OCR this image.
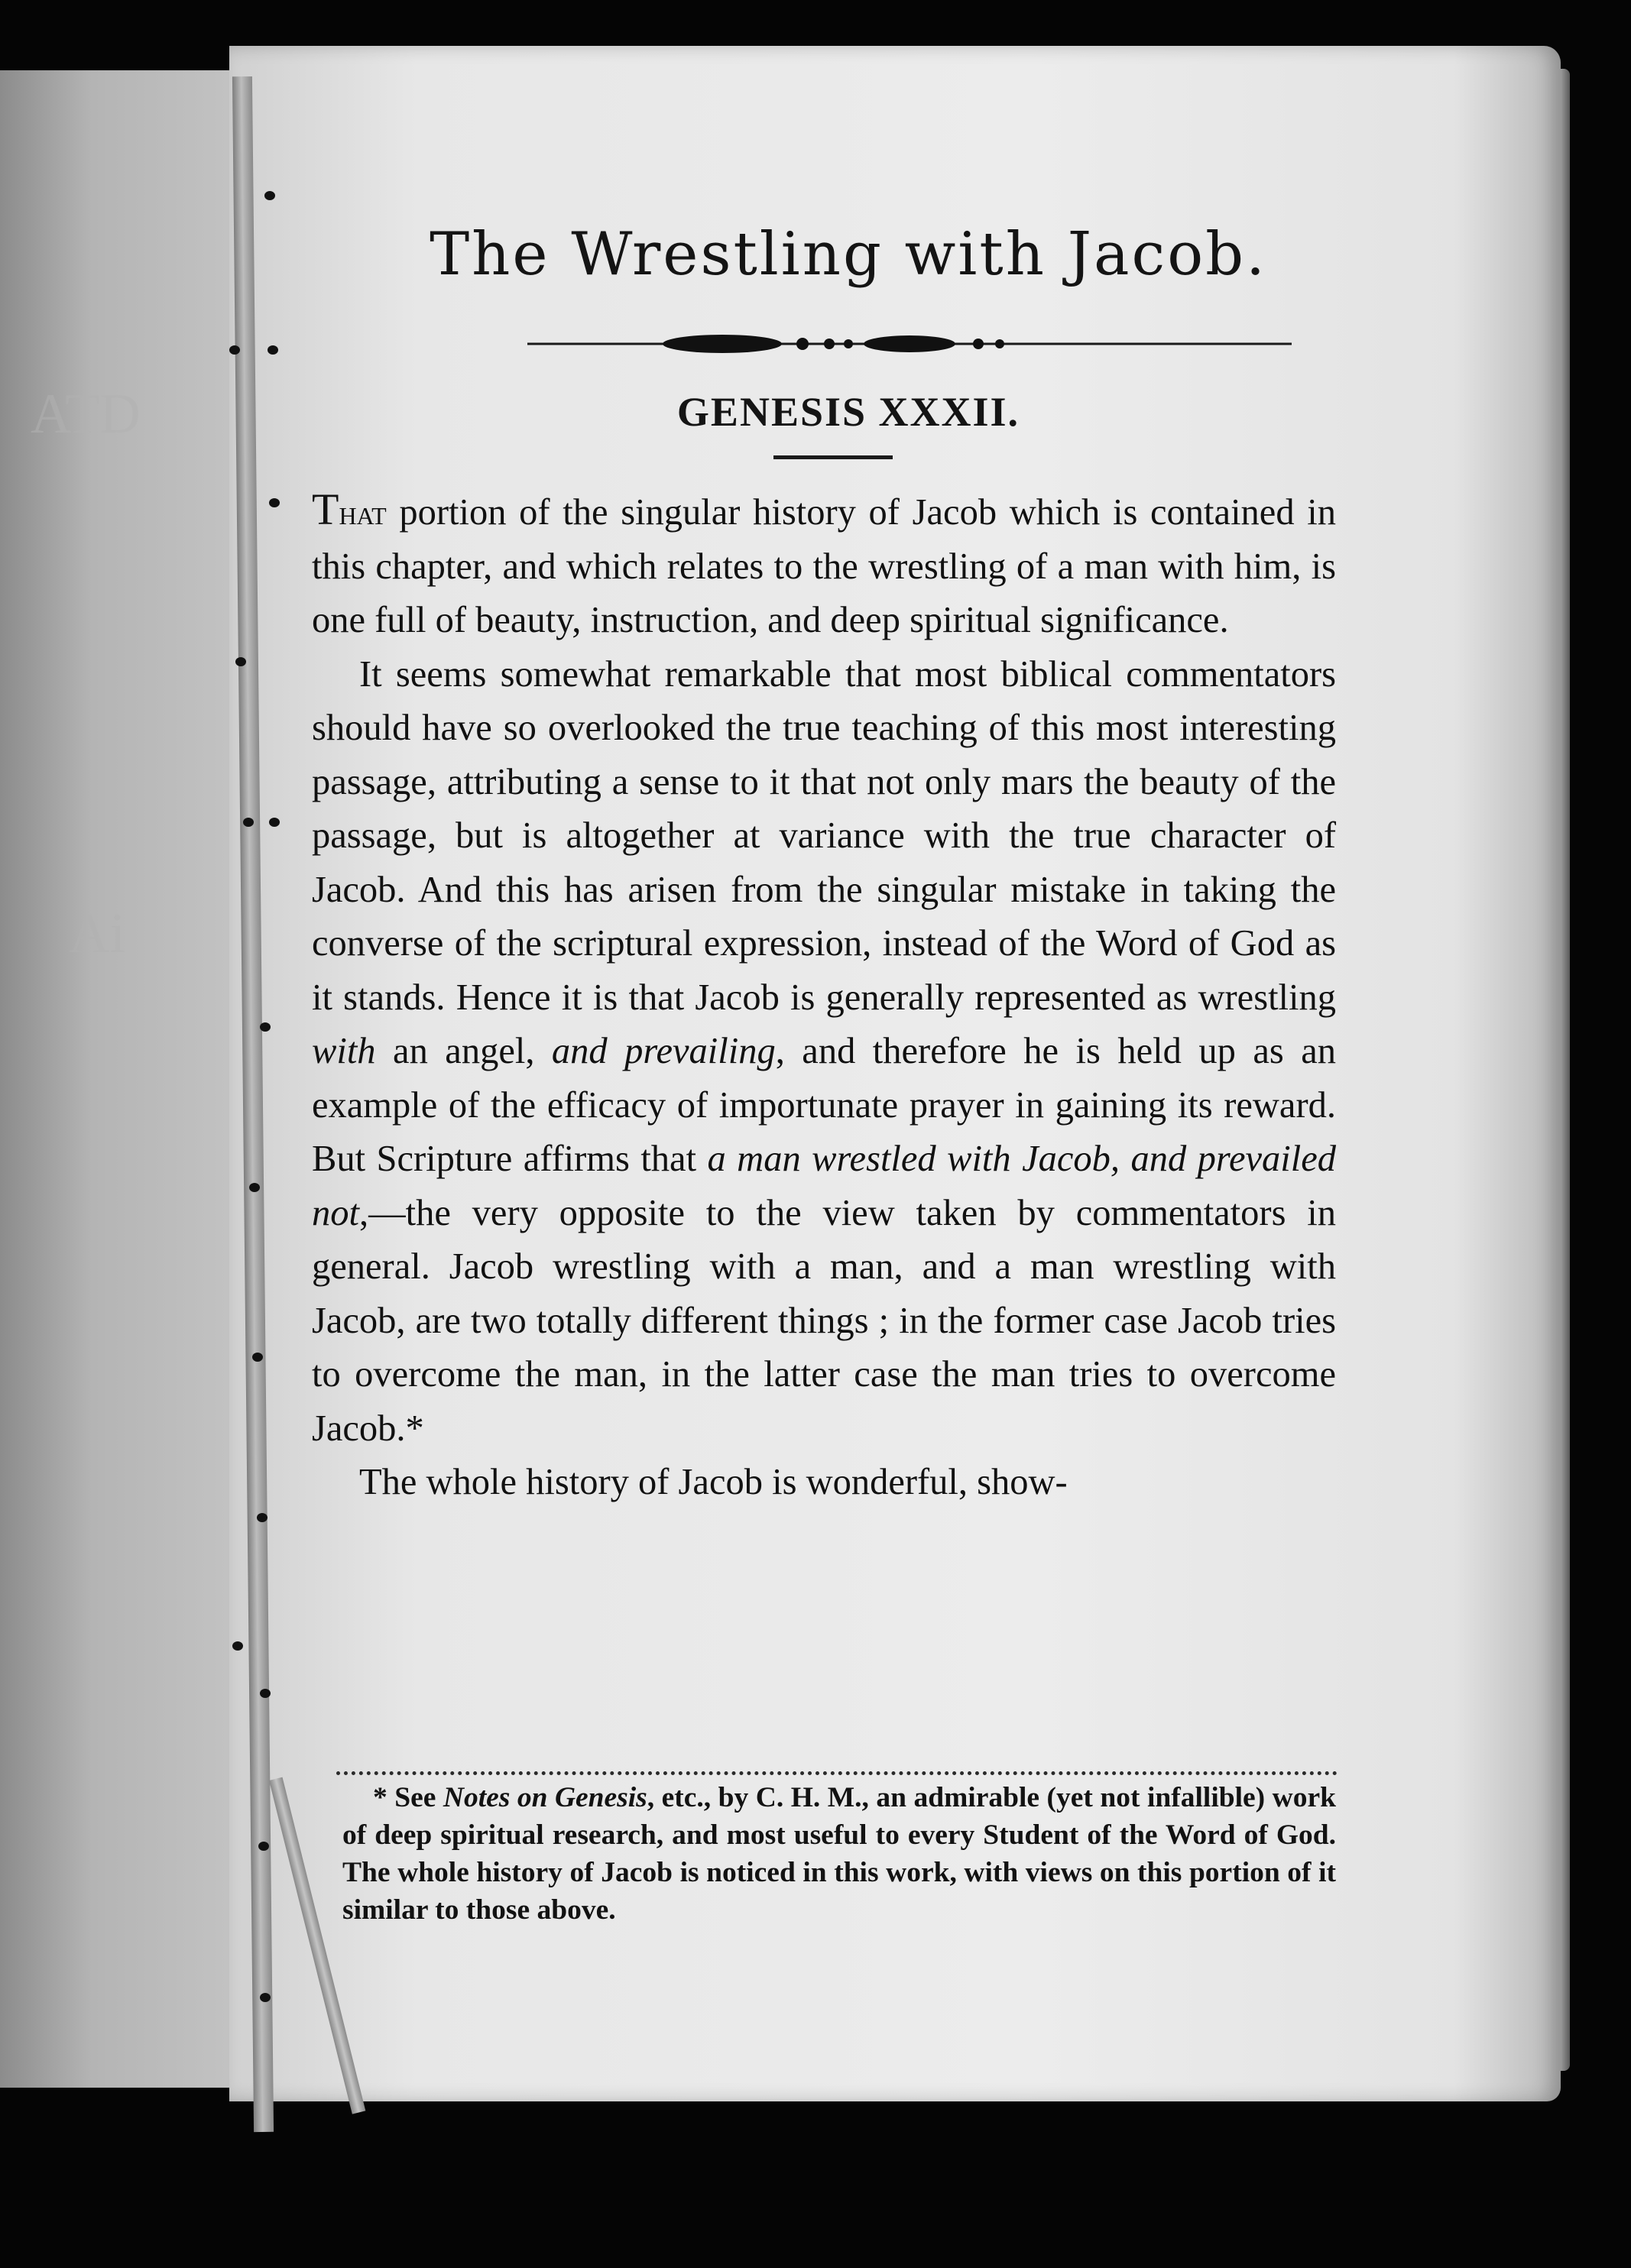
ATD
Ai
The Wrestling with Jacob.
GENESIS XXXII.

That portion of the singular history of Jacob which is contained in this chapter, and which relates to the wrestling of a man with him, is one full of beauty, instruction, and deep spiritual significance.

It seems somewhat remarkable that most biblical commentators should have so overlooked the true teaching of this most interesting passage, attributing a sense to it that not only mars the beauty of the passage, but is altogether at variance with the true character of Jacob. And this has arisen from the singular mistake in taking the converse of the scriptural expression, instead of the Word of God as it stands. Hence it is that Jacob is generally represented as wrestling with an angel, and prevailing, and therefore he is held up as an example of the efficacy of importunate prayer in gaining its reward. But Scripture affirms that a man wrestled with Jacob, and prevailed not,—the very opposite to the view taken by commentators in general. Jacob wrestling with a man, and a man wrestling with Jacob, are two totally different things ; in the former case Jacob tries to overcome the man, in the latter case the man tries to overcome Jacob.*

The whole history of Jacob is wonderful, show-

* See Notes on Genesis, etc., by C. H. M., an admirable (yet not infallible) work of deep spiritual research, and most useful to every Student of the Word of God. The whole history of Jacob is noticed in this work, with views on this portion of it similar to those above.
